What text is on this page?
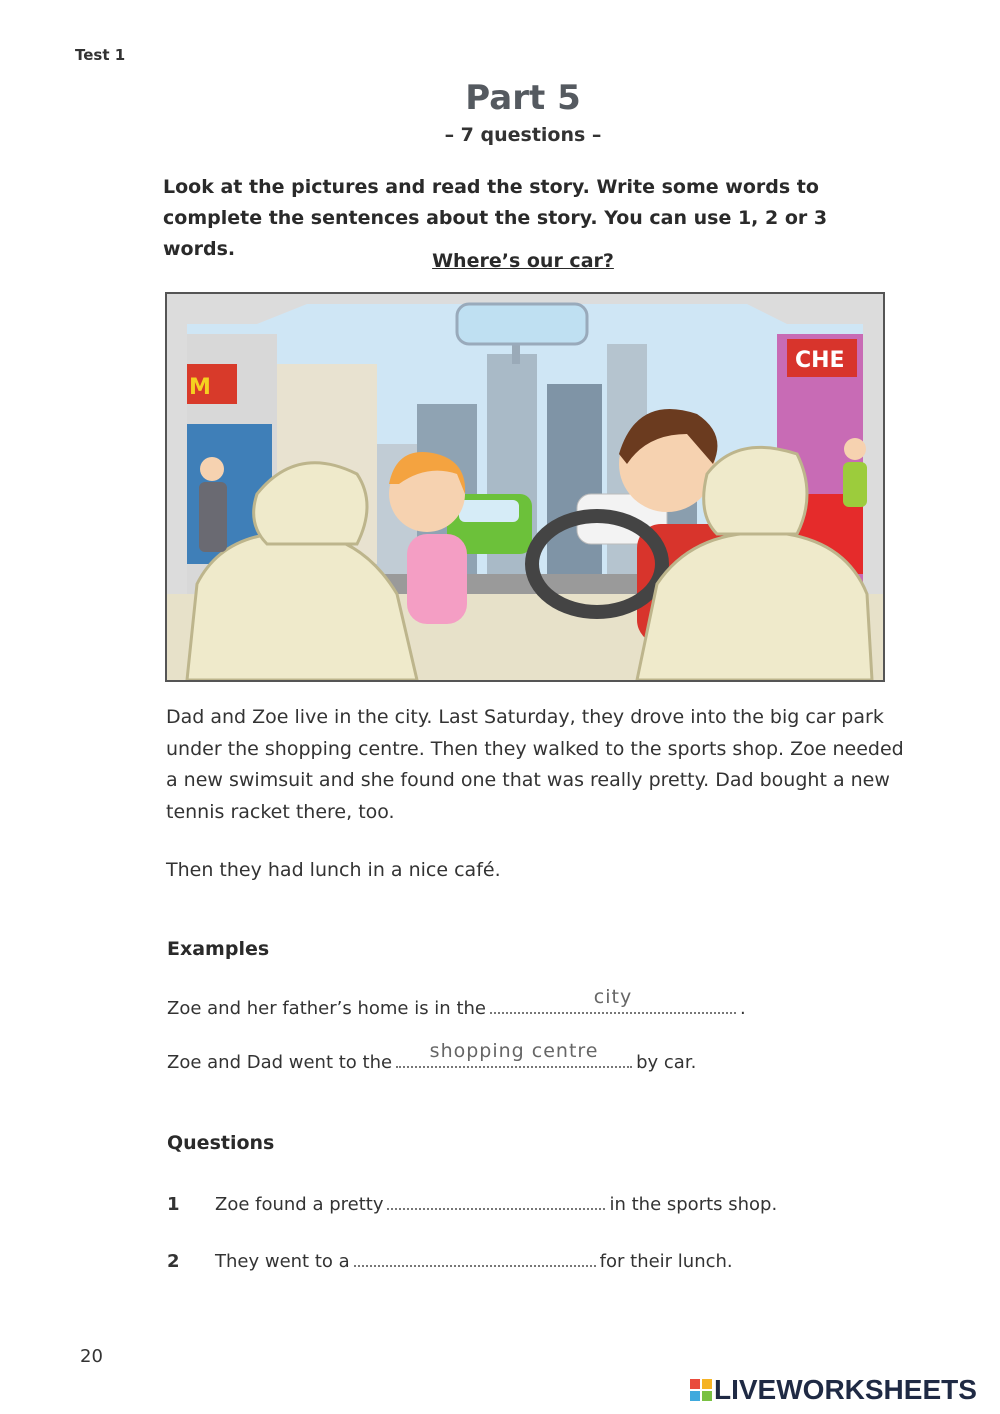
Test 1
Part 5
– 7 questions –
Look at the pictures and read the story. Write some words to complete the sentences about the story. You can use 1, 2 or 3 words.
Where’s our car?
M
CHE

Dad and Zoe live in the city. Last Saturday, they drove into the big car park under the shopping centre. Then they walked to the sports shop. Zoe needed a new swimsuit and she found one that was really pretty. Dad bought a new tennis racket there, too.

Then they had lunch in a nice café.

Examples
Zoe and her father’s home is in the
city
.
Zoe and Dad went to the
shopping centre
by car.
Questions
1 Zoe found a pretty	in the sports shop.
2 They went to a	for their lunch.
20
LIVEWORKSHEETS
